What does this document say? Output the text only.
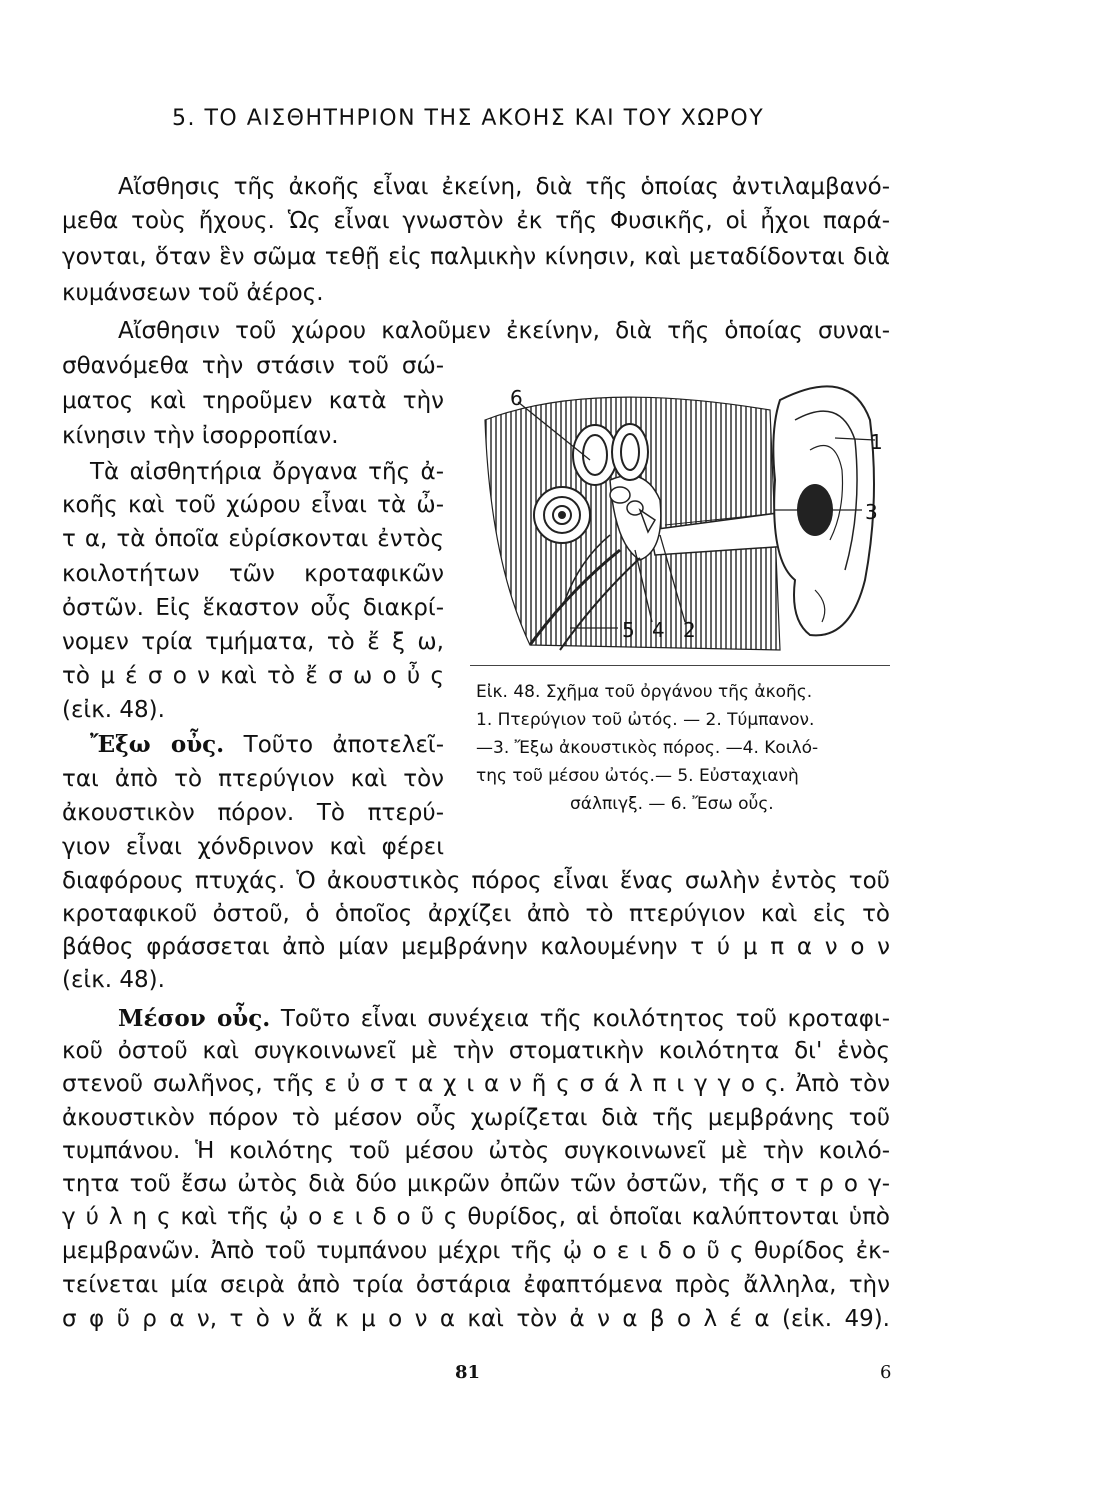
5. ΤΟ ΑΙΣΘΗΤΗΡΙΟΝ ΤΗΣ ΑΚΟΗΣ ΚΑΙ ΤΟΥ ΧΩΡΟΥ
Αἴσθησις τῆς ἀκοῆς εἶναι ἐκείνη, διὰ τῆς ὁποίας ἀντιλαμβανό-
μεθα τοὺς ἤχους. Ὡς εἶναι γνωστὸν ἐκ τῆς Φυσικῆς, οἱ ἦχοι παρά-
γονται, ὅταν ἓν σῶμα τεθῇ εἰς παλμικὴν κίνησιν, καὶ μεταδίδονται διὰ
κυμάνσεων τοῦ ἀέρος.
Αἴσθησιν τοῦ χώρου καλοῦμεν ἐκείνην, διὰ τῆς ὁποίας συναι-
σθανόμεθα τὴν στάσιν τοῦ σώ-
ματος καὶ τηροῦμεν κατὰ τὴν
κίνησιν τὴν ἰσορροπίαν.
Τὰ αἰσθητήρια ὄργανα τῆς ἀ-
κοῆς καὶ τοῦ χώρου εἶναι τὰ ὦ-
τ α, τὰ ὁποῖα εὑρίσκονται ἐντὸς
κοιλοτήτων τῶν κροταφικῶν
ὀστῶν. Εἰς ἕκαστον οὖς διακρί-
νομεν τρία τμήματα, τὸ ἔ ξ ω,
τὸ μ έ σ ο ν καὶ τὸ ἔ σ ω ο ὖ ς
(εἰκ. 48).
Ἔξω οὖς. Τοῦτο ἀποτελεῖ-
ται ἀπὸ τὸ πτερύγιον καὶ τὸν
ἀκουστικὸν πόρον. Τὸ πτερύ-
γιον εἶναι χόνδρινον καὶ φέρει
διαφόρους πτυχάς. Ὁ ἀκουστικὸς πόρος εἶναι ἕνας σωλὴν ἐντὸς τοῦ
κροταφικοῦ ὀστοῦ, ὁ ὁποῖος ἀρχίζει ἀπὸ τὸ πτερύγιον καὶ εἰς τὸ
βάθος φράσσεται ἀπὸ μίαν μεμβράνην καλουμένην τ ύ μ π α ν ο ν
(εἰκ. 48).
Μέσον οὖς. Τοῦτο εἶναι συνέχεια τῆς κοιλότητος τοῦ κροταφι-
κοῦ ὀστοῦ καὶ συγκοινωνεῖ μὲ τὴν στοματικὴν κοιλότητα δι' ἑνὸς
στενοῦ σωλῆνος, τῆς ε ὐ σ τ α χ ι α ν ῆ ς σ ά λ π ι γ γ ο ς. Ἀπὸ τὸν
ἀκουστικὸν πόρον τὸ μέσον οὖς χωρίζεται διὰ τῆς μεμβράνης τοῦ
τυμπάνου. Ἡ κοιλότης τοῦ μέσου ὠτὸς συγκοινωνεῖ μὲ τὴν κοιλό-
τητα τοῦ ἔσω ὠτὸς διὰ δύο μικρῶν ὀπῶν τῶν ὀστῶν, τῆς σ τ ρ ο γ-
γ ύ λ η ς καὶ τῆς ᾠ ο ε ι δ ο ῦ ς θυρίδος, αἱ ὁποῖαι καλύπτονται ὑπὸ
μεμβρανῶν. Ἀπὸ τοῦ τυμπάνου μέχρι τῆς ᾠ ο ε ι δ ο ῦ ς θυρίδος ἐκ-
τείνεται μία σειρὰ ἀπὸ τρία ὀστάρια ἐφαπτόμενα πρὸς ἄλληλα, τὴν
σ φ ῦ ρ α ν, τ ὸ ν ἄ κ μ ο ν α καὶ τὸν ἀ ν α β ο λ έ α (εἰκ. 49).
6
1
3
5 4 2
Εἰκ. 48. Σχῆμα τοῦ ὀργάνου τῆς ἀκοῆς.
1. Πτερύγιον τοῦ ὠτός. — 2. Τύμπανον.
—3. Ἔξω ἀκουστικὸς πόρος. —4. Κοιλό-
της τοῦ μέσου ὠτός.— 5. Εὐσταχιανὴ
σάλπιγξ. — 6. Ἔσω οὖς.
81	6
